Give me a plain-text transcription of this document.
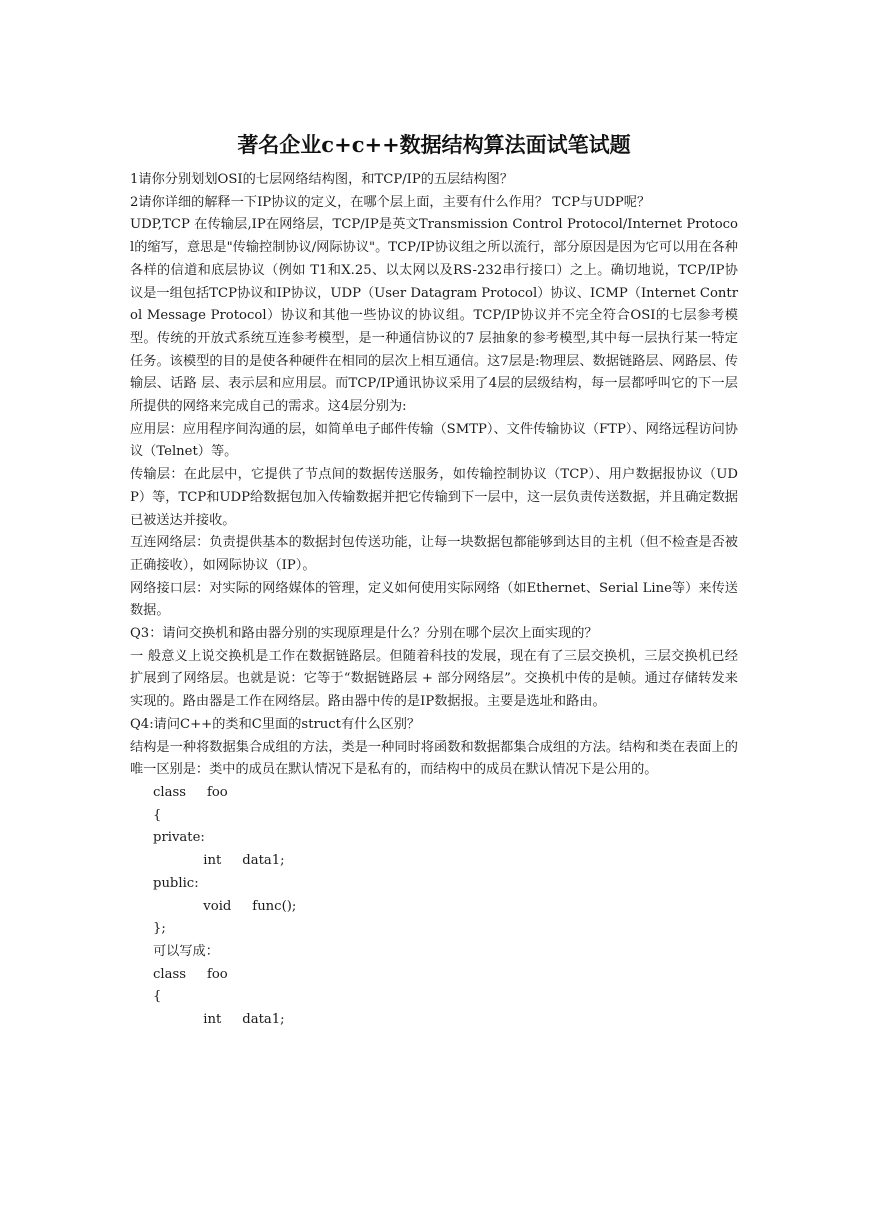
著名企业c+c++数据结构算法面试笔试题

1请你分别划划OSI的七层网络结构图，和TCP/IP的五层结构图？

2请你详细的解释一下IP协议的定义，在哪个层上面，主要有什么作用？ TCP与UDP呢？

UDP,TCP 在传输层,IP在网络层，TCP/IP是英文Transmission Control Protocol/Internet Protocol的缩写，意思是"传输控制协议/网际协议"。TCP/IP协议组之所以流行，部分原因是因为它可以用在各种各样的信道和底层协议（例如 T1和X.25、以太网以及RS-232串行接口）之上。确切地说，TCP/IP协议是一组包括TCP协议和IP协议，UDP（User Datagram Protocol）协议、ICMP（Internet Control Message Protocol）协议和其他一些协议的协议组。TCP/IP协议并不完全符合OSI的七层参考模型。传统的开放式系统互连参考模型，是一种通信协议的7 层抽象的参考模型,其中每一层执行某一特定任务。该模型的目的是使各种硬件在相同的层次上相互通信。这7层是:物理层、数据链路层、网路层、传输层、话路 层、表示层和应用层。而TCP/IP通讯协议采用了4层的层级结构，每一层都呼叫它的下一层所提供的网络来完成自己的需求。这4层分别为:

应用层：应用程序间沟通的层，如简单电子邮件传输（SMTP）、文件传输协议（FTP）、网络远程访问协议（Telnet）等。

传输层：在此层中，它提供了节点间的数据传送服务，如传输控制协议（TCP）、用户数据报协议（UDP）等，TCP和UDP给数据包加入传输数据并把它传输到下一层中，这一层负责传送数据，并且确定数据已被送达并接收。

互连网络层：负责提供基本的数据封包传送功能，让每一块数据包都能够到达目的主机（但不检查是否被正确接收），如网际协议（IP）。

网络接口层：对实际的网络媒体的管理，定义如何使用实际网络（如Ethernet、Serial Line等）来传送数据。

Q3：请问交换机和路由器分别的实现原理是什么？分别在哪个层次上面实现的？

一 般意义上说交换机是工作在数据链路层。但随着科技的发展，现在有了三层交换机，三层交换机已经扩展到了网络层。也就是说：它等于“数据链路层 + 部分网络层”。交换机中传的是帧。通过存储转发来实现的。路由器是工作在网络层。路由器中传的是IP数据报。主要是选址和路由。

Q4:请问C++的类和C里面的struct有什么区别？

结构是一种将数据集合成组的方法，类是一种同时将函数和数据都集合成组的方法。结构和类在表面上的唯一区别是：类中的成员在默认情况下是私有的，而结构中的成员在默认情况下是公用的。

class     foo
{
private:
int     data1;
public:
void     func();
};
可以写成：
class     foo
{
int     data1;
